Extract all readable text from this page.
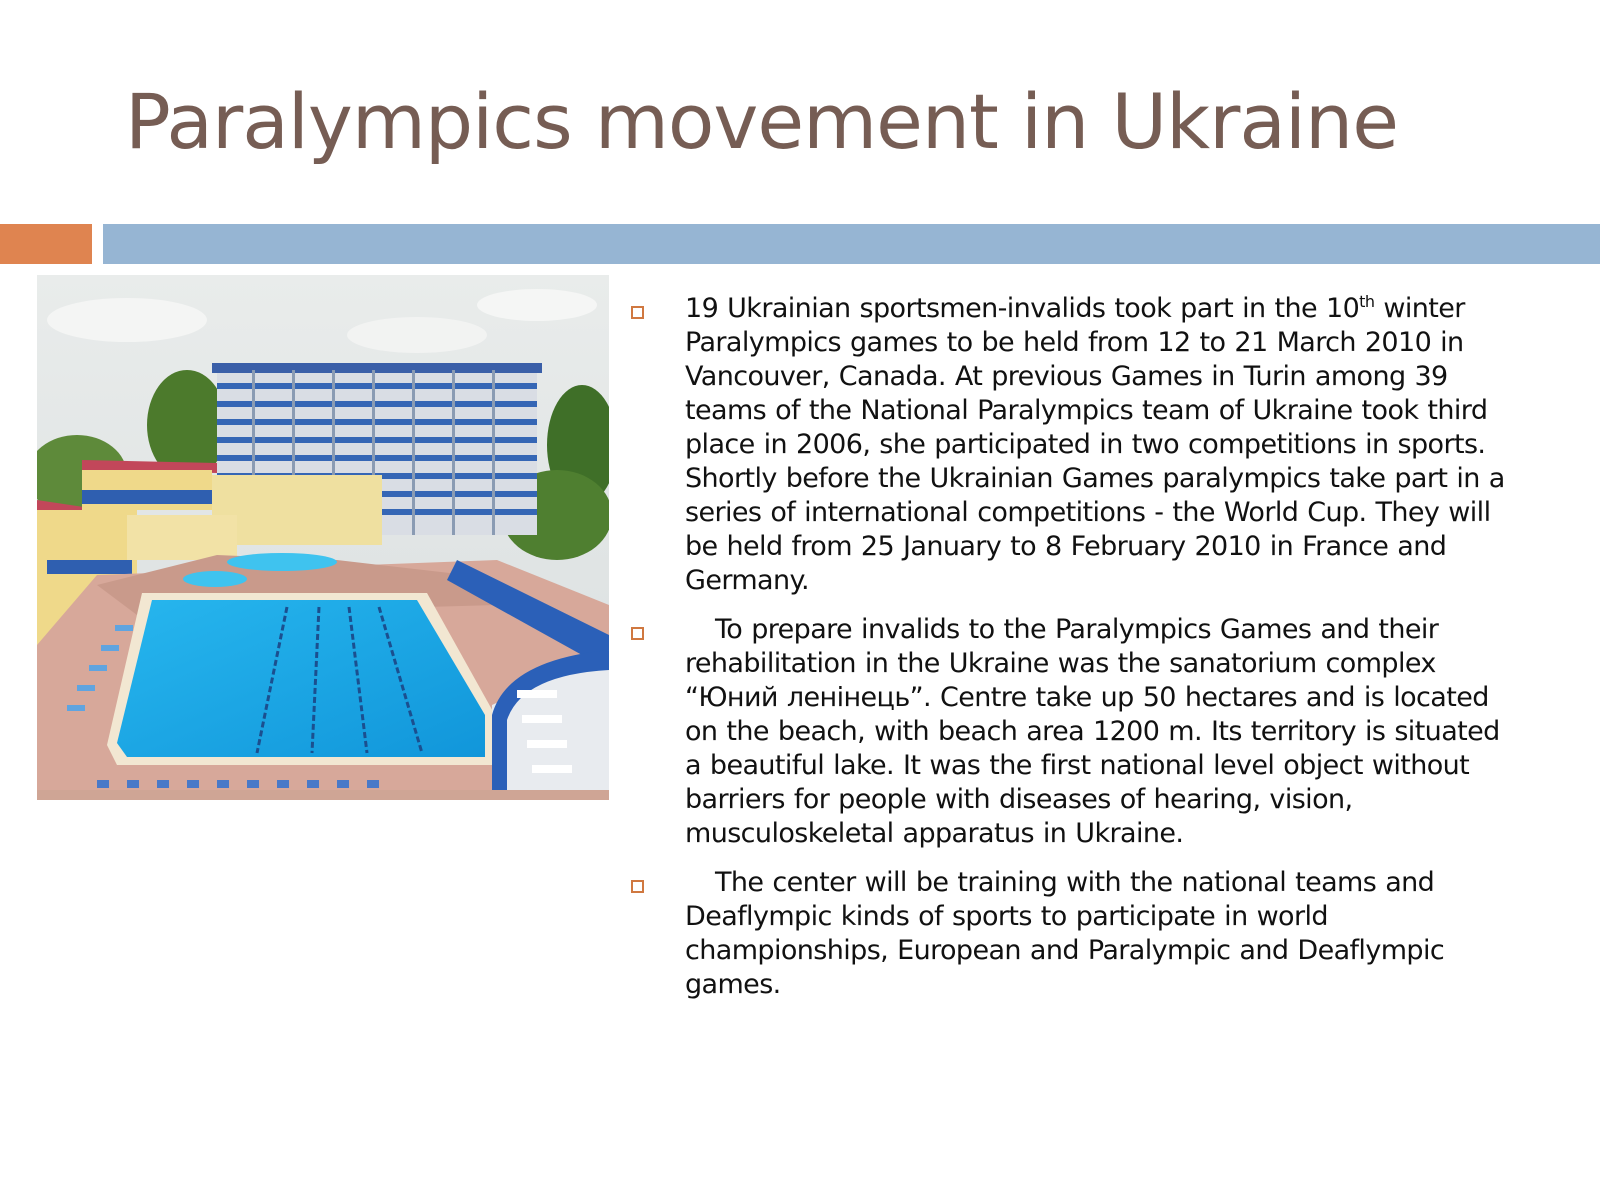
Paralympics movement in Ukraine
19 Ukrainian sportsmen-invalids took part in the 10th winter Paralympics games to be held from 12 to 21 March 2010 in Vancouver, Canada. At previous Games in Turin among 39 teams of the National Paralympics team of Ukraine took third place in 2006, she participated in two competitions in sports. Shortly before the Ukrainian Games paralympics take part in a series of international competitions - the World Cup. They will be held from 25 January to 8 February 2010 in France and Germany.
To prepare invalids to the Paralympics Games and their rehabilitation in the Ukraine was the sanatorium complex “Юний ленінець”. Centre take up 50 hectares and is located on the beach, with beach area 1200 m. Its territory is situated a beautiful lake. It was the first national level object without barriers for people with diseases of hearing, vision, musculoskeletal apparatus in Ukraine.
The center will be training with the national teams and Deaflympic kinds of sports to participate in world championships, European and Paralympic and Deaflympic games.
